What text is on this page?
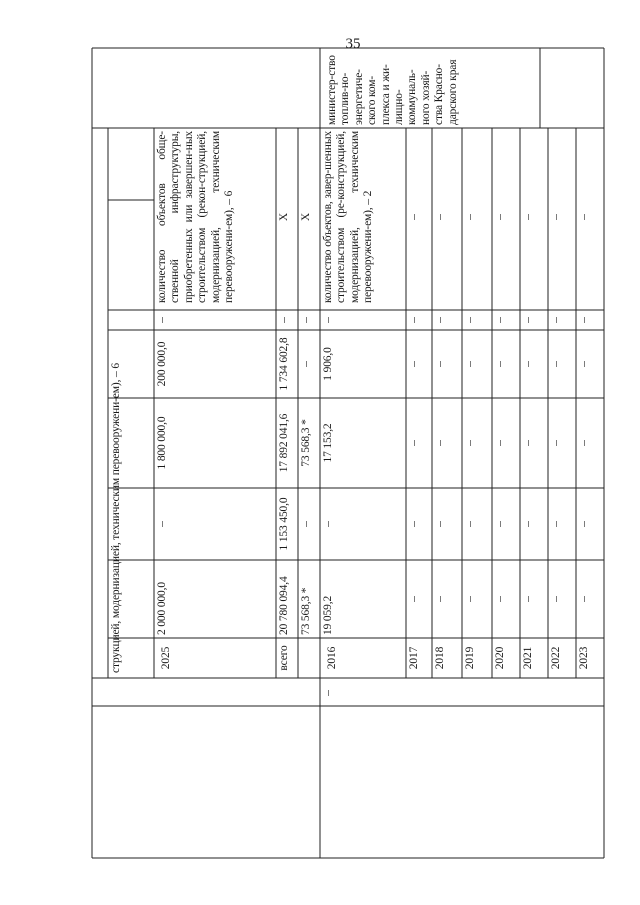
35
струкцией, модернизацией, техническим перевооружени-ем), – 6	2025
2 000 000,0
–
1 800 000,0
200 000,0
–
количество объектов обще-ственной инфраструктуры, приобретенных или завершен-ных строительством (рекон-струкцией, модернизацией, техническим перевооружени-ем), – 6
всего
20 780 094,4
1 153 450,0
17 892 041,6
1 734 602,8
–
X
73 568,3 *
–
73 568,3 *
–
–
X
–
2016
19 059,2
–
17 153,2
1 906,0
–
количество объектов, завер-шенных строительством (ре-конструкцией, модернизацией, техническим перевооружени-ем), – 2
министер-ство топлив-но-энергетиче-ского ком-плекса и жи-лищно-коммуналь-ного хозяй-ства Красно-дарского края
2017
–
–
–
–
–
–
2018
–
–
–
–
–
–
2019
–
–
–
–
–
–
2020
–
–
–
–
–
–
2021
–
–
–
–
–
–
2022
–
–
–
–
–
–
2023
–
–
–
–
–
–
